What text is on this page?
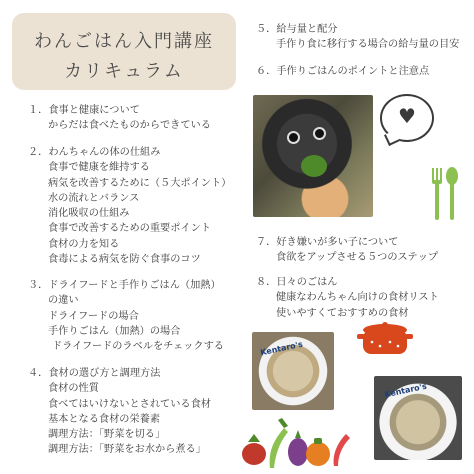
わんごはん入門講座
カリキュラム
１．食事と健康について
からだは食べたものからできている
２．わんちゃんの体の仕組み
食事で健康を維持する
病気を改善するために（５大ポイント）
水の流れとバランス
消化吸収の仕組み
食事で改善するための重要ポイント
食材の力を知る
食毒による病気を防ぐ食事のコツ
３．ドライフードと手作りごはん（加熱）
の違い
ドライフードの場合
手作りごはん（加熱）の場合
ドライフードのラベルをチェックする
４．食材の選び方と調理方法
食材の性質
食べてはいけないとされている食材
基本となる食材の栄養素
調理方法：「野菜を切る」
調理方法：「野菜をお水から煮る」
５．給与量と配分
手作り食に移行する場合の給与量の目安
６．手作りごはんのポイントと注意点
７．好き嫌いが多い子について
食欲をアップさせる５つのステップ
８．日々のごはん
健康なわんちゃん向けの食材リスト
使いやすくておすすめの食材
♥
Kentaro's
Kentaro's
